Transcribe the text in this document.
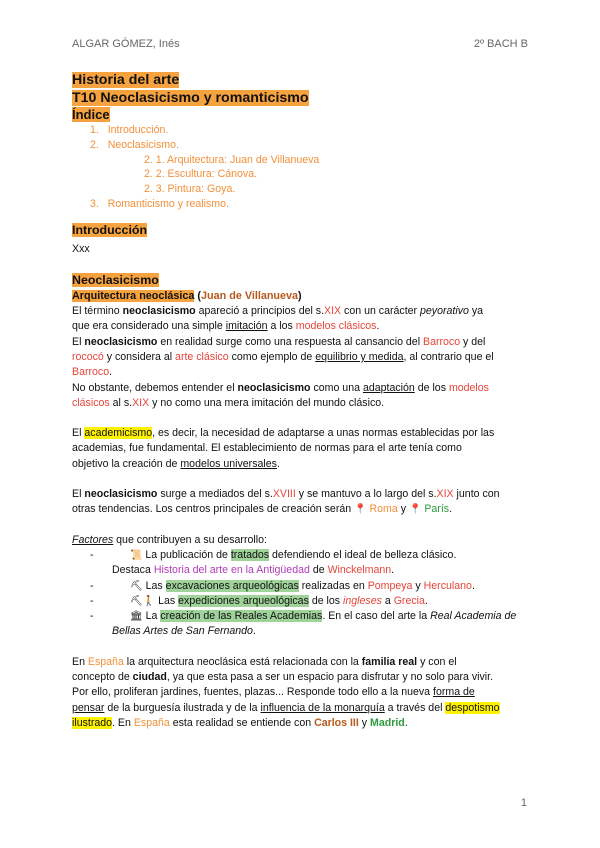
ALGAR GÓMEZ, Inés	2º BACH B
Historia del arte
T10 Neoclasicismo y romanticismo
Índice
1. Introducción.
2. Neoclasicismo.
2. 1. Arquitectura: Juan de Villanueva
2. 2. Escultura: Cánova.
2. 3. Pintura: Goya.
3. Romanticismo y realismo.
Introducción

Xxx

Neoclasicismo
Arquitectura neoclásica (Juan de Villanueva)

El término neoclasicismo apareció a principios del s.XIX con un carácter peyorativo ya
que era considerado una simple imitación a los modelos clásicos.

El neoclasicismo en realidad surge como una respuesta al cansancio del Barroco y del
rococó y considera al arte clásico como ejemplo de equilibrio y medida, al contrario que el
Barroco.

No obstante, debemos entender el neoclasicismo como una adaptación de los modelos
clásicos al s.XIX y no como una mera imitación del mundo clásico.

El academicismo, es decir, la necesidad de adaptarse a unas normas establecidas por las
academias, fue fundamental. El establecimiento de normas para el arte tenía como
objetivo la creación de modelos universales.

El neoclasicismo surge a mediados del s.XVIII y se mantuvo a lo largo del s.XIX junto con
otras tendencias. Los centros principales de creación serán 📍 Roma y 📍 París.

Factores que contribuyen a su desarrollo:

-	📜 La publicación de tratados defendiendo el ideal de belleza clásico.
Destaca Historia del arte en la Antigüedad de Winckelmann.
-	⛏ Las excavaciones arqueológicas realizadas en Pompeya y Herculano.
-	⛏🚶 Las expediciones arqueológicas de los ingleses a Grecia.
-	🏛 La creación de las Reales Academias. En el caso del arte la Real Academia de
Bellas Artes de San Fernando.

En España la arquitectura neoclásica está relacionada con la familia real y con el
concepto de ciudad, ya que esta pasa a ser un espacio para disfrutar y no solo para vivir.
Por ello, proliferan jardines, fuentes, plazas... Responde todo ello a la nueva forma de
pensar de la burguesía ilustrada y de la influencia de la monarquía a través del despotismo
ilustrado. En España esta realidad se entiende con Carlos III y Madrid.

1
